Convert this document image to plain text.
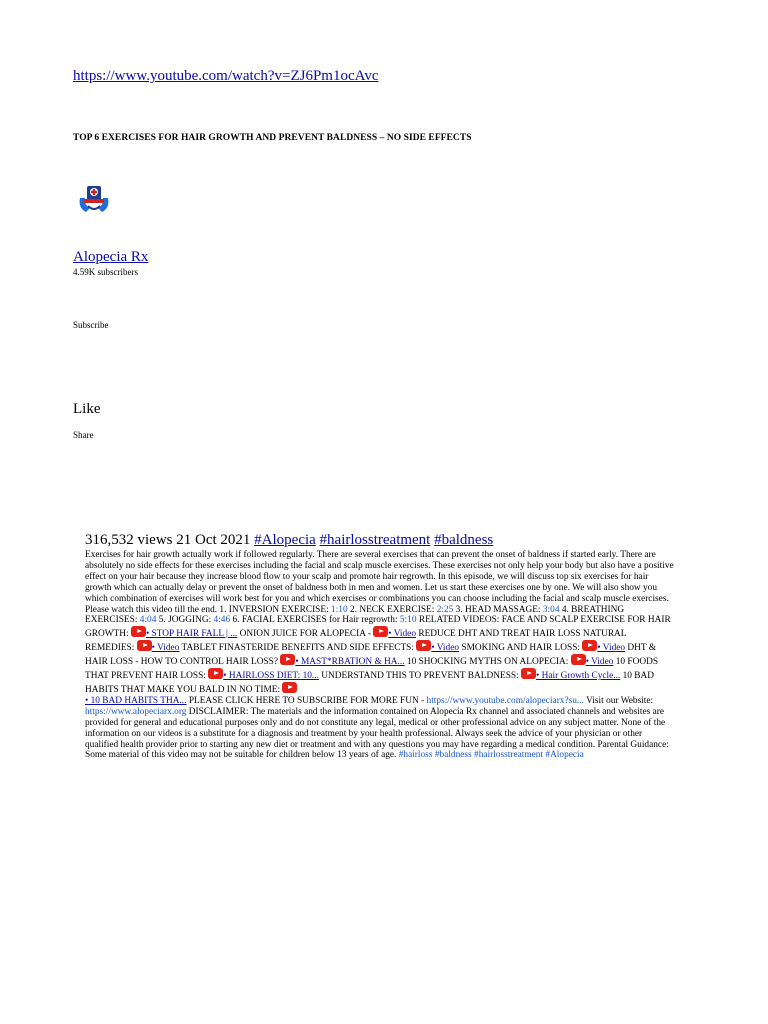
https://www.youtube.com/watch?v=ZJ6Pm1ocAvc
TOP 6 EXERCISES FOR HAIR GROWTH AND PREVENT BALDNESS – NO SIDE EFFECTS
Alopecia Rx
4.59K subscribers
Subscribe
Like
Share
316,532 views 21 Oct 2021 #Alopecia #hairlosstreatment #baldness
Exercises for hair growth actually work if followed regularly. There are several exercises that can prevent the onset of baldness if started early. There are absolutely no side effects for these exercises including the facial and scalp muscle exercises. These exercises not only help your body but also have a positive effect on your hair because they increase blood flow to your scalp and promote hair regrowth. In this episode, we will discuss top six exercises for hair growth which can actually delay or prevent the onset of baldness both in men and women. Let us start these exercises one by one. We will also show you which combination of exercises will work best for you and which exercises or combinations you can choose including the facial and scalp muscle exercises. Please watch this video till the end. 1. INVERSION EXERCISE: 1:10 2. NECK EXERCISE: 2:25 3. HEAD MASSAGE: 3:04 4. BREATHING EXERCISES: 4:04 5. JOGGING: 4:46 6. FACIAL EXERCISES for Hair regrowth: 5:10 RELATED VIDEOS: FACE AND SCALP EXERCISE FOR HAIR GROWTH: • STOP HAIR FALL | ... ONION JUICE FOR ALOPECIA - • Video REDUCE DHT AND TREAT HAIR LOSS NATURAL REMEDIES: • Video TABLET FINASTERIDE BENEFITS AND SIDE EFFECTS: • Video SMOKING AND HAIR LOSS: • Video DHT & HAIR LOSS - HOW TO CONTROL HAIR LOSS? • MAST*RBATION & HA... 10 SHOCKING MYTHS ON ALOPECIA: • Video 10 FOODS THAT PREVENT HAIR LOSS: • HAIRLOSS DIET: 10... UNDERSTAND THIS TO PREVENT BALDNESS: • Hair Growth Cycle... 10 BAD HABITS THAT MAKE YOU BALD IN NO TIME:
• 10 BAD HABITS THA... PLEASE CLICK HERE TO SUBSCRIBE FOR MORE FUN - https://www.youtube.com/alopeciarx?su... Visit our Website: https://www.alopeciarx.org DISCLAIMER: The materials and the information contained on Alopecia Rx channel and associated channels and websites are provided for general and educational purposes only and do not constitute any legal, medical or other professional advice on any subject matter. None of the information on our videos is a substitute for a diagnosis and treatment by your health professional. Always seek the advice of your physician or other qualified health provider prior to starting any new diet or treatment and with any questions you may have regarding a medical condition. Parental Guidance: Some material of this video may not be suitable for children below 13 years of age. #hairloss #baldness #hairlosstreatment #Alopecia
